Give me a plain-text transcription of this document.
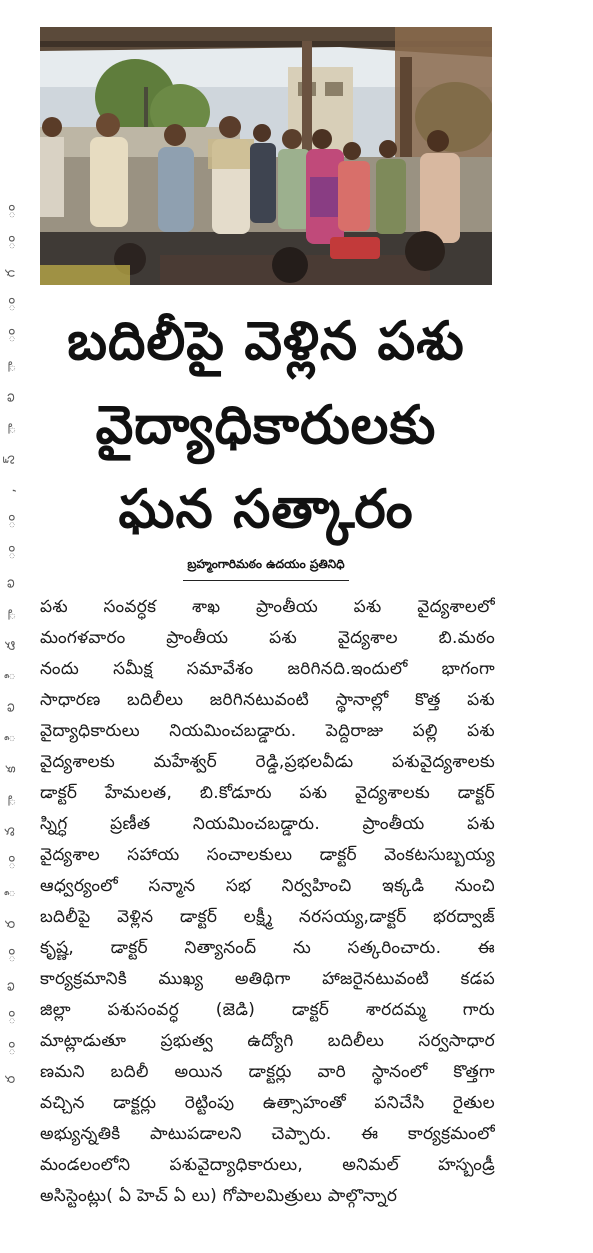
ం
ం
గ
ం
ం
ా
ల
ా
స్
,
ం
ం
ల
ా
డ
ి
ల
ి
క
ా
వ
ం
ి
ర
ం
ల
ం
ం
ర
బదిలీపై వెళ్లిన పశు
వైద్యాధికారులకు
ఘన సత్కారం
బ్రహ్మంగారిమఠం ఉదయం ప్రతినిధి
పశు సంవర్ధక శాఖ ప్రాంతీయ పశు వైద్యశాలలో
మంగళవారం ప్రాంతీయ పశు వైద్యశాల బి.మఠం
నందు సమీక్ష సమావేశం జరిగినది.ఇందులో భాగంగా
సాధారణ బదిలీలు జరిగినటువంటి స్థానాల్లో కొత్త పశు
వైద్యాధికారులు నియమించబడ్డారు. పెద్దిరాజు పల్లి పశు
వైద్యశాలకు మహేశ్వర్ రెడ్డి,ప్రభలవీడు పశువైద్యశాలకు
డాక్టర్ హేమలత, బి.కోడూరు పశు వైద్యశాలకు డాక్టర్
స్నిగ్ధ ప్రణీత నియమించబడ్డారు. ప్రాంతీయ పశు
వైద్యశాల సహాయ సంచాలకులు డాక్టర్ వెంకటసుబ్బయ్య
ఆధ్వర్యంలో సన్మాన సభ నిర్వహించి ఇక్కడి నుంచి
బదిలీపై వెళ్లిన డాక్టర్ లక్ష్మీ నరసయ్య,డాక్టర్ భరద్వాజ్
కృష్ణ, డాక్టర్ నిత్యానంద్ ను సత్కరించారు. ఈ
కార్యక్రమానికి ముఖ్య అతిథిగా హాజరైనటువంటి కడప
జిల్లా పశుసంవర్ధ (జెడి) డాక్టర్ శారదమ్మ గారు
మాట్లాడుతూ ప్రభుత్వ ఉద్యోగి బదిలీలు సర్వసాధార
ణమని బదిలీ అయిన డాక్టర్లు వారి స్థానంలో కొత్తగా
వచ్చిన డాక్టర్లు రెట్టింపు ఉత్సాహంతో పనిచేసి రైతుల
అభ్యున్నతికి పాటుపడాలని చెప్పారు. ఈ కార్యక్రమంలో
మండలంలోని పశువైద్యాధికారులు, అనిమల్ హస్బండ్రీ
అసిస్టెంట్లు( ఏ హెచ్ ఏ లు) గోపాలమిత్రులు పాల్గొన్నార
